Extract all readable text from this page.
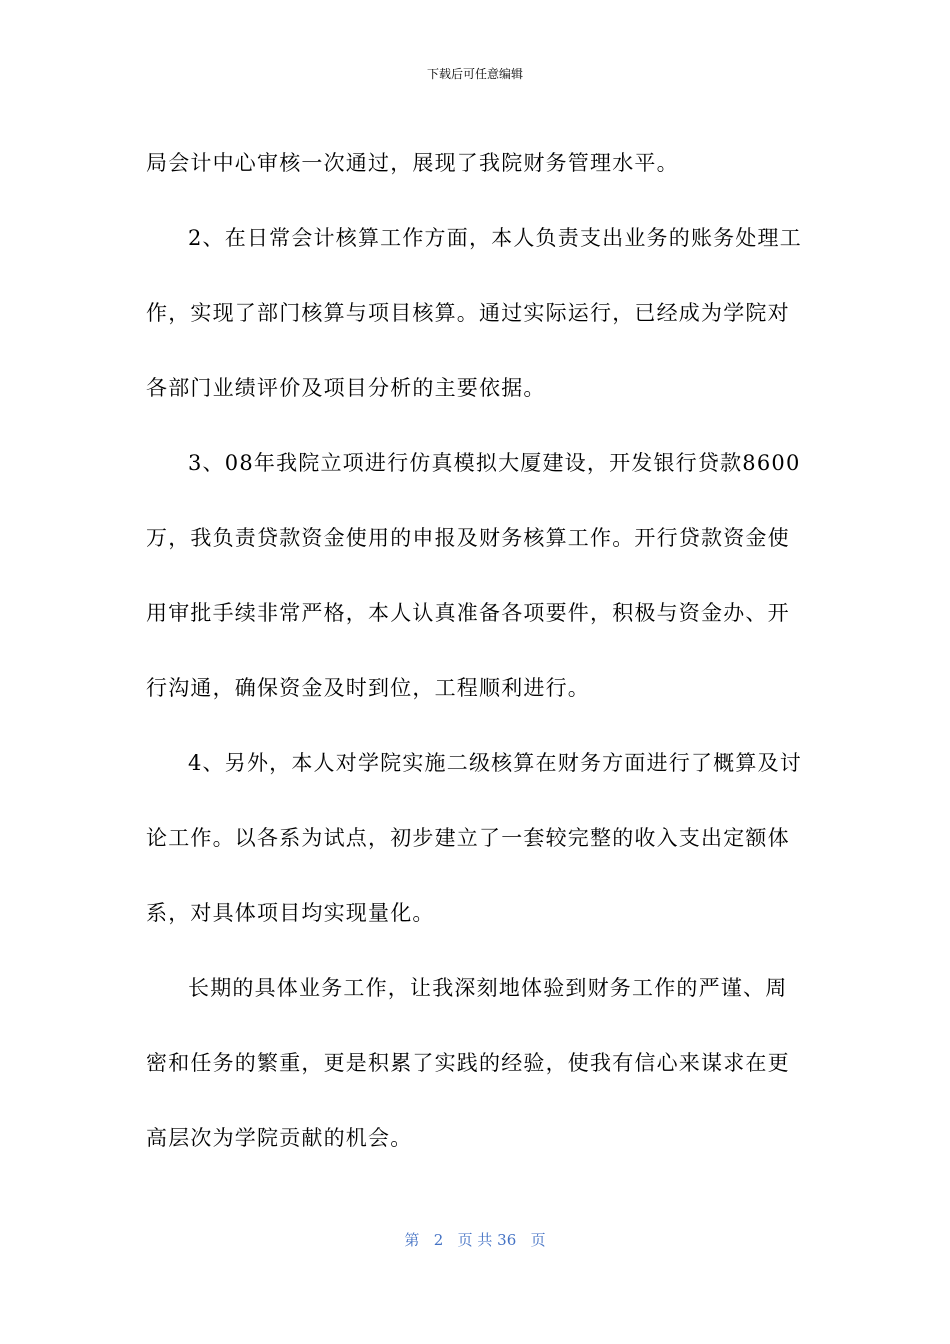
下载后可任意编辑
局会计中心审核一次通过，展现了我院财务管理水平。
2、在日常会计核算工作方面，本人负责支出业务的账务处理工
作，实现了部门核算与项目核算。通过实际运行，已经成为学院对
各部门业绩评价及项目分析的主要依据。
3、08年我院立项进行仿真模拟大厦建设，开发银行贷款8600
万，我负责贷款资金使用的申报及财务核算工作。开行贷款资金使
用审批手续非常严格，本人认真准备各项要件，积极与资金办、开
行沟通，确保资金及时到位，工程顺利进行。
4、另外，本人对学院实施二级核算在财务方面进行了概算及讨
论工作。以各系为试点，初步建立了一套较完整的收入支出定额体
系，对具体项目均实现量化。
长期的具体业务工作，让我深刻地体验到财务工作的严谨、周
密和任务的繁重，更是积累了实践的经验，使我有信心来谋求在更
高层次为学院贡献的机会。
第 2 页 共 36 页
